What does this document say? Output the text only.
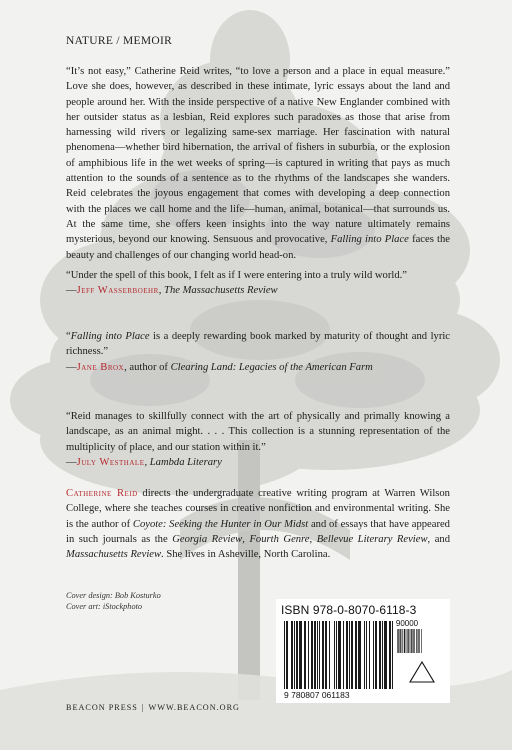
NATURE / MEMOIR

“It’s not easy,” Catherine Reid writes, “to love a person and a place in equal measure.” Love she does, however, as described in these intimate, lyric essays about the land and people around her. With the inside perspective of a native New Englander combined with her outsider status as a lesbian, Reid explores such paradoxes as those that arise from harnessing wild rivers or legalizing same-sex marriage. Her fascination with natural phenomena—whether bird hibernation, the arrival of fishers in suburbia, or the explosion of amphibious life in the wet weeks of spring—is captured in writing that pays as much attention to the sounds of a sentence as to the rhythms of the landscapes she wanders. Reid celebrates the joyous engagement that comes with developing a deep connection with the places we call home and the life—human, animal, botanical—that surrounds us. At the same time, she offers keen insights into the way nature ultimately remains mysterious, beyond our knowing. Sensuous and provocative, Falling into Place faces the beauty and challenges of our changing world head-on.

“Under the spell of this book, I felt as if I were entering into a truly wild world.”

—Jeff Wasserboehr, The Massachusetts Review

“Falling into Place is a deeply rewarding book marked by maturity of thought and lyric richness.”

—Jane Brox, author of Clearing Land: Legacies of the American Farm

“Reid manages to skillfully connect with the art of physically and primally knowing a landscape, as an animal might. . . . This collection is a stunning representation of the multiplicity of place, and our station within it.”

—July Westhale, Lambda Literary

Catherine Reid directs the undergraduate creative writing program at Warren Wilson College, where she teaches courses in creative nonfiction and environmental writing. She is the author of Coyote: Seeking the Hunter in Our Midst and of essays that have appeared in such journals as the Georgia Review, Fourth Genre, Bellevue Literary Review, and Massachusetts Review. She lives in Asheville, North Carolina.

Cover design: Bob Kosturko
Cover art: iStockphoto	ISBN 978-0-8070-6118-3
90000
9 780807 061183
BEACON PRESS | WWW.BEACON.ORG
